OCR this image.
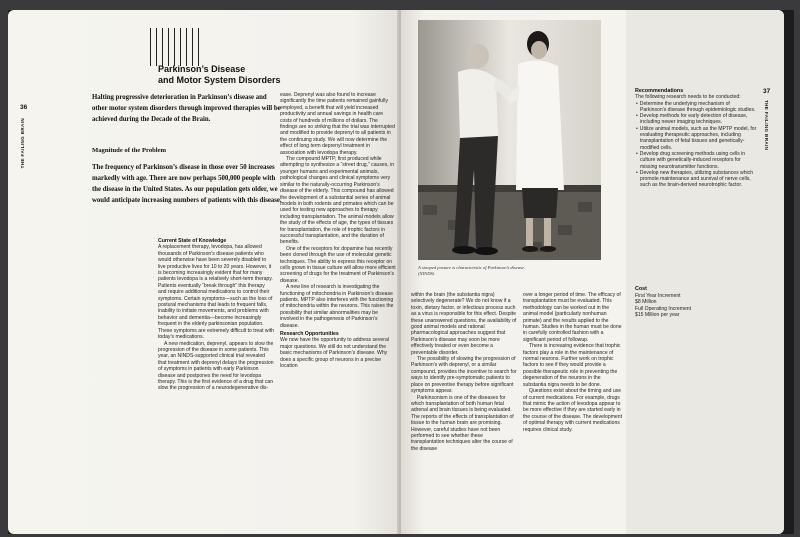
36
THE FAILING BRAIN
Parkinson’s Disease
and Motor System Disorders

Halting progressive deterioration in Parkinson’s disease and other motor system disorders through improved therapies will be achieved during the Decade of the Brain.

Magnitude of the Problem

The frequency of Parkinson’s disease in those over 50 increases markedly with age. There are now perhaps 500,000 people with the disease in the United States. As our population gets older, we would anticipate increasing numbers of patients with this disease.

Current State of Knowledge

A replacement therapy, levodopa, has allowed thousands of Parkinson’s disease patients who would otherwise have been severely disabled to live productive lives for 10 to 20 years. However, it is becoming increasingly evident that for many patients levodopa is a relatively short-term therapy. Patients eventually “break through” this therapy and require additional medications to control their symptoms. Certain symptoms—such as the loss of postural mechanisms that leads to frequent falls, inability to initiate movements, and problems with behavior and dementia—become increasingly frequent in the elderly parkinsonian population. These symptoms are extremely difficult to treat with today’s medications.

A new medication, deprenyl, appears to slow the progression of the disease in some patients. This year, an NINDS-supported clinical trial revealed that treatment with deprenyl delays the progression of symptoms in patients with early Parkinson disease and postpones the need for levodopa therapy. This is the first evidence of a drug that can slow the progression of a neurodegenerative dis-

ease. Deprenyl was also found to increase significantly the time patients remained gainfully employed, a benefit that will yield increased productivity and annual savings in health care costs of hundreds of millions of dollars. The findings are so striking that the trial was interrupted and modified to provide deprenyl to all patients in the continuing study. We will now determine the effect of long term deprenyl treatment in association with levodopa therapy.

The compound MPTP, first produced while attempting to synthesize a “street drug,” causes, in younger humans and experimental animals, pathological changes and clinical symptoms very similar to the naturally-occurring Parkinson’s disease of the elderly. This compound has allowed the development of a substantial series of animal models in both rodents and primates which can be used for testing new approaches to therapy including transplantation. The animal models allow the study of the effects of age, the types of tissues for transplantation, the role of trophic factors in successful transplantation, and the duration of benefits.

One of the receptors for dopamine has recently been cloned through the use of molecular genetic techniques. The ability to express this receptor on cells grown in tissue culture will allow more efficient screening of drugs for the treatment of Parkinson’s disease.

A new line of research is investigating the functioning of mitochondria in Parkinson’s disease patients. MPTP also interferes with the functioning of mitochondria within the neurons. This raises the possibility that similar abnormalities may be involved in the pathogenesis of Parkinson’s disease.

Research Opportunities

We now have the opportunity to address several major questions. We still do not understand the basic mechanisms of Parkinson’s disease. Why does a specific group of neurons in a precise location

A stooped posture is characteristic of Parkinson’s disease. (NINDS)

within the brain (the substantia nigra) selectively degenerate? We do not know if a toxin, dietary factor, or infectious process such as a virus is responsible for this effect. Despite these unanswered questions, the availability of good animal models and rational pharmacological approaches suggest that Parkinson’s disease may soon be more effectively treated or even become a preventable disorder.

The possibility of slowing the progression of Parkinson’s with deprenyl, or a similar compound, provides the incentive to search for ways to identify pre-symptomatic patients to place on preventive therapy before significant symptoms appear.

Parkinsonism is one of the diseases for which transplantation of both human fetal adrenal and brain tissues is being evaluated. The reports of the effects of transplantation of tissue to the human brain are promising. However, careful studies have not been performed to see whether these transplantation techniques alter the course of the disease

over a longer period of time. The efficacy of transplantation must be evaluated. This methodology can be worked out in the animal model (particularly nonhuman primate) and the results applied to the human. Studies in the human must be done in carefully controlled fashion with a significant period of followup.

There is increasing evidence that trophic factors play a role in the maintenance of normal neurons. Further work on trophic factors to see if they would provide a possible therapeutic role in preventing the degeneration of the neurons in the substantia nigra needs to be done.

Questions exist about the timing and use of current medications. For example, drugs that mimic the action of levodopa appear to be more effective if they are started early in the course of the disease. The development of optimal therapy with current medications requires clinical study.

37
THE FAILING BRAIN
Recommendations
The following research needs to be conducted:
• Determine the underlying mechanism of Parkinson’s disease through epidemiologic studies.
• Develop methods for early detection of disease, including newer imaging techniques.
• Utilize animal models, such as the MPTP model, for evaluating therapeutic approaches, including transplantation of fetal tissues and genetically-modified cells.
• Develop drug screening methods using cells in culture with genetically-induced receptors for missing neurotransmitter functions.
• Develop new therapies, utilizing substances which promote maintenance and survival of nerve cells, such as the brain-derived neurotrophic factor.
Cost
First Year Increment
$8 Million
Full Operating Increment
$15 Million per year
